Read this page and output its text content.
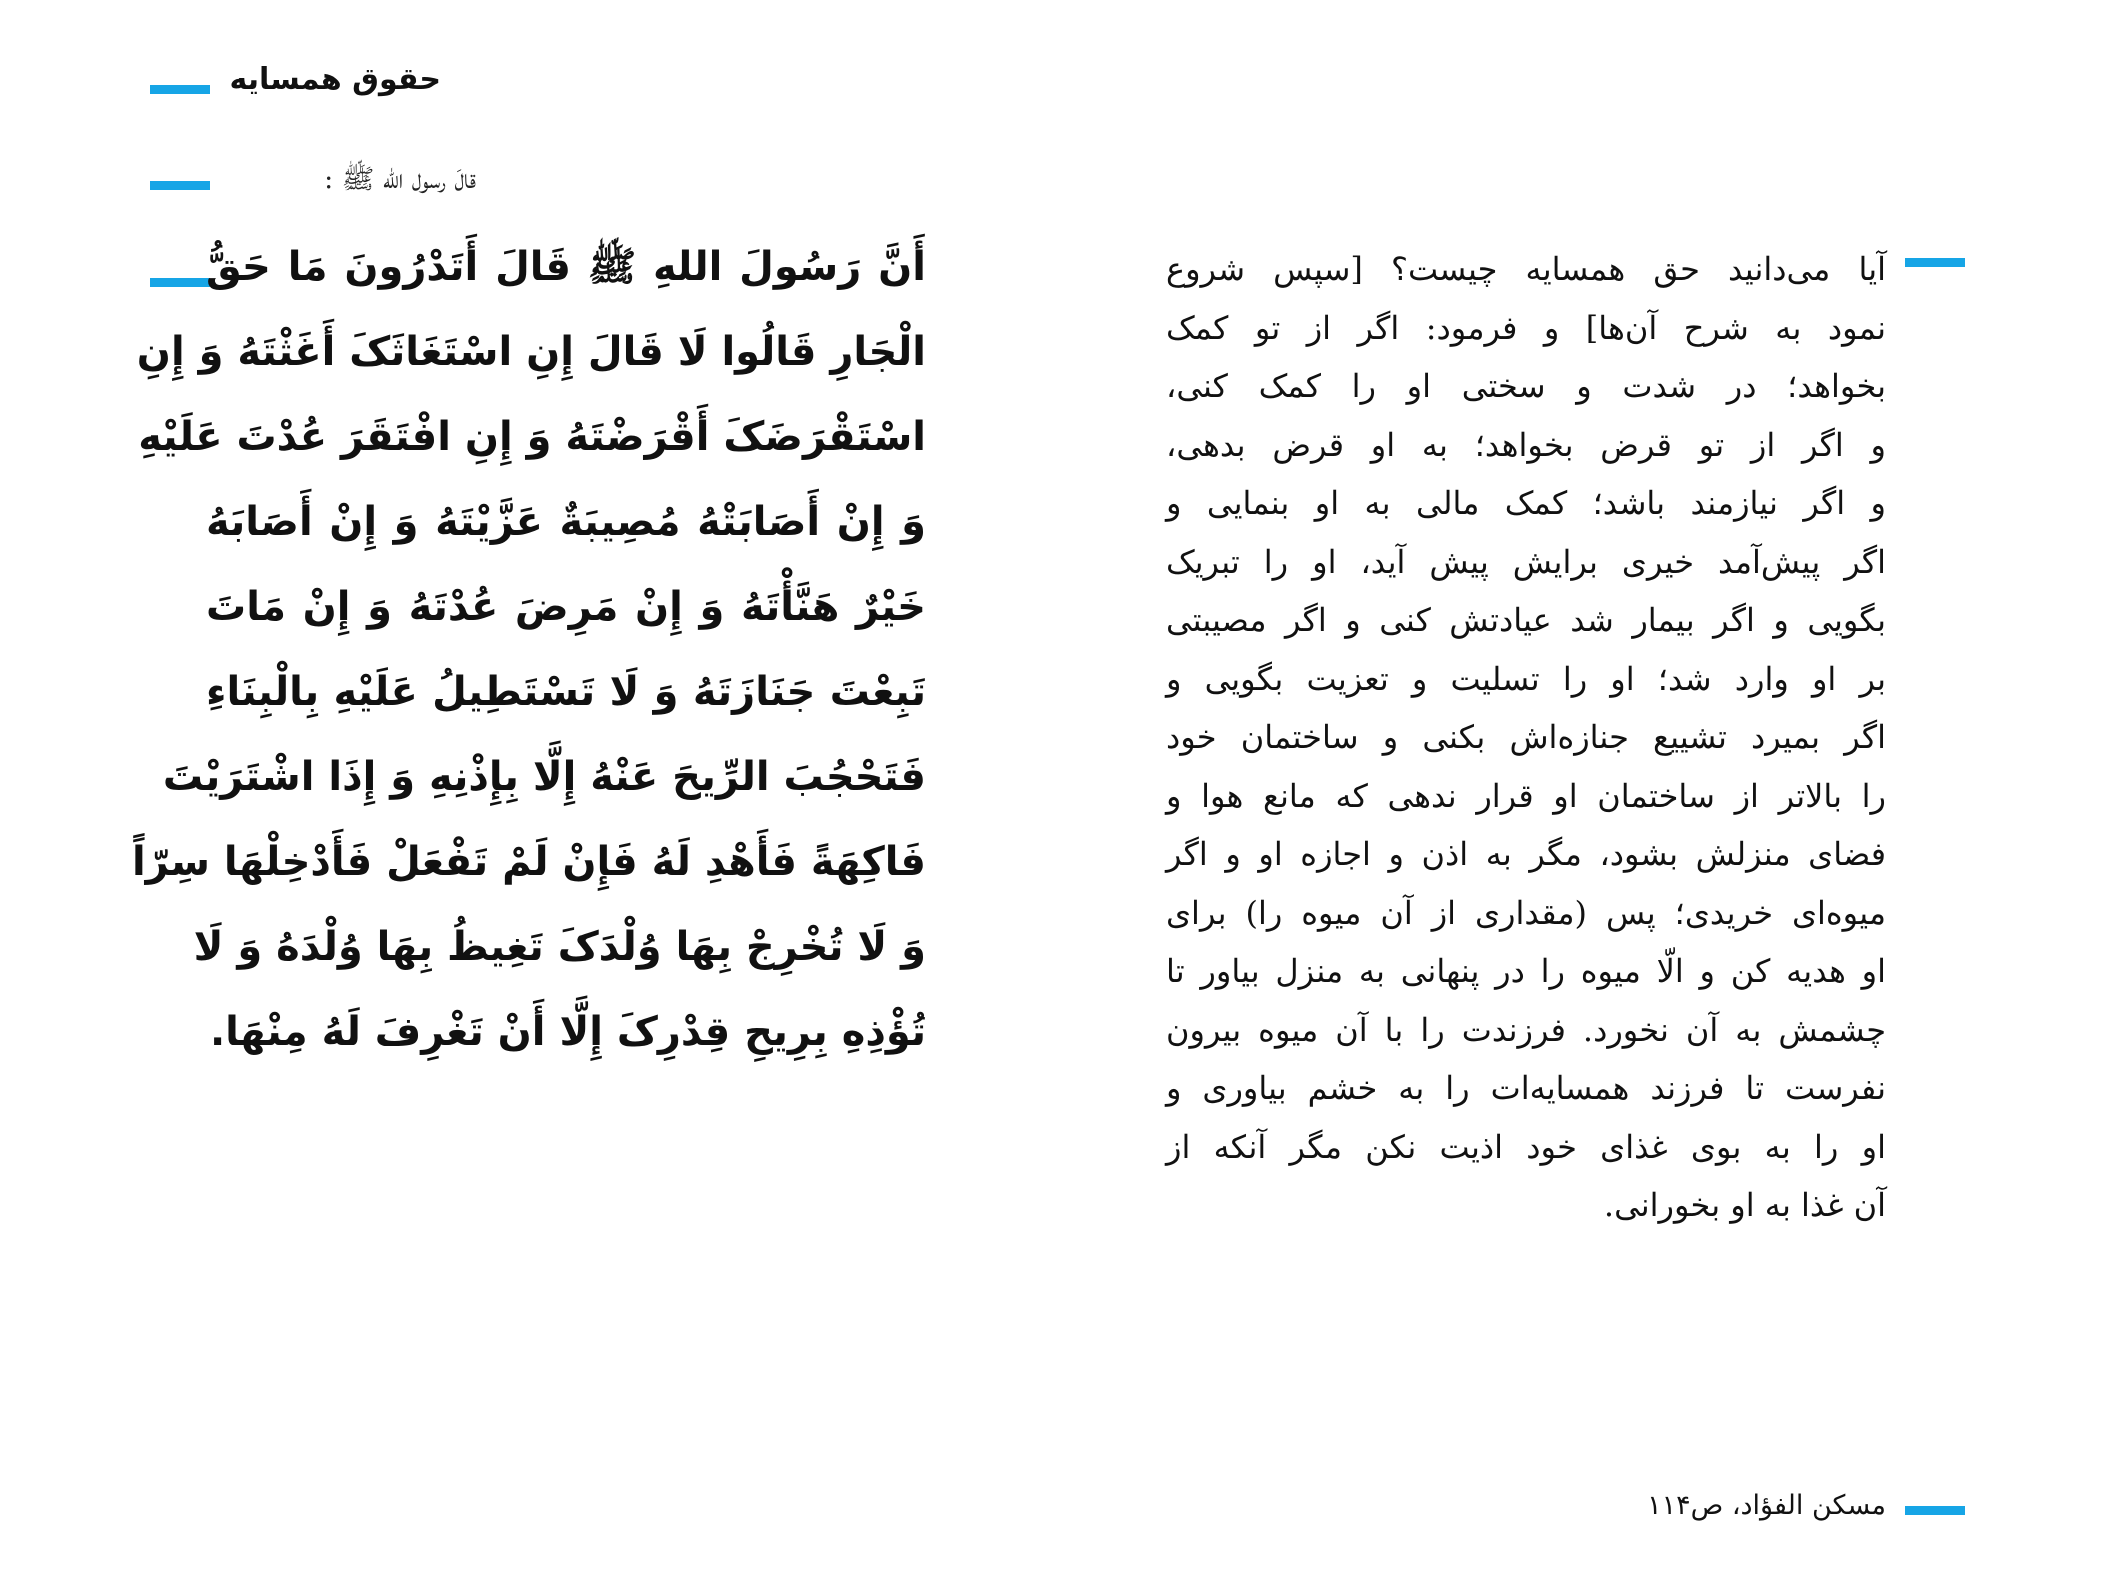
حقوق همسایه
قالَ رسول الله ﷺ :
أَنَّ رَسُولَ اللهِ ﷺ قَالَ أَتَدْرُونَ مَا حَقُّ
الْجَارِ قَالُوا لَا قَالَ إِنِ اسْتَغَاثَکَ أَغَثْتَهُ وَ إِنِ
اسْتَقْرَضَکَ أَقْرَضْتَهُ وَ إِنِ افْتَقَرَ عُدْتَ عَلَيْهِ
وَ إِنْ أَصَابَتْهُ مُصِيبَةٌ عَزَّيْتَهُ وَ إِنْ أَصَابَهُ
خَيْرٌ هَنَّأْتَهُ وَ إِنْ مَرِضَ عُدْتَهُ وَ إِنْ مَاتَ
تَبِعْتَ جَنَازَتَهُ وَ لَا تَسْتَطِيلُ عَلَيْهِ بِالْبِنَاءِ
فَتَحْجُبَ الرِّيحَ عَنْهُ إِلَّا بِإِذْنِهِ وَ إِذَا اشْتَرَيْتَ
فَاكِهَةً فَأَهْدِ لَهُ فَإِنْ لَمْ تَفْعَلْ فَأَدْخِلْهَا سِرّاً
وَ لَا تُخْرِجْ بِهَا وُلْدَکَ تَغِيظُ بِهَا وُلْدَهُ وَ لَا
تُؤْذِهِ بِرِيحِ قِدْرِکَ إِلَّا أَنْ تَغْرِفَ لَهُ مِنْهَا.
آیا می‌دانید حق همسایه چیست؟ [سپس شروع
نمود به شرح آن‌ها] و فرمود: اگر از تو کمک
بخواهد؛ در شدت و سختی او را کمک کنی،
و اگر از تو قرض بخواهد؛ به او قرض بدهی،
و اگر نیازمند باشد؛ کمک مالی به او بنمایی و
اگر پیش‌آمد خیری برایش پیش آید، او را تبریک
بگویی و اگر بیمار شد عیادتش کنی و اگر مصیبتی
بر او وارد شد؛ او را تسلیت و تعزیت بگویی و
اگر بمیرد تشییع جنازه‌اش بکنی و ساختمان خود
را بالاتر از ساختمان او قرار ندهی که مانع هوا و
فضای منزلش بشود، مگر به اذن و اجازه او و اگر
میوه‌ای خریدی؛ پس (مقداری از آن میوه را) برای
او هدیه کن و الّا میوه را در پنهانی به منزل بیاور تا
چشمش به آن نخورد. فرزندت را با آن میوه بیرون
نفرست تا فرزند همسایه‌ات را به خشم بیاوری و
او را به بوی غذای خود اذیت نکن مگر آنکه از
آن غذا به او بخورانی.
مسکن الفؤاد، ص۱۱۴
